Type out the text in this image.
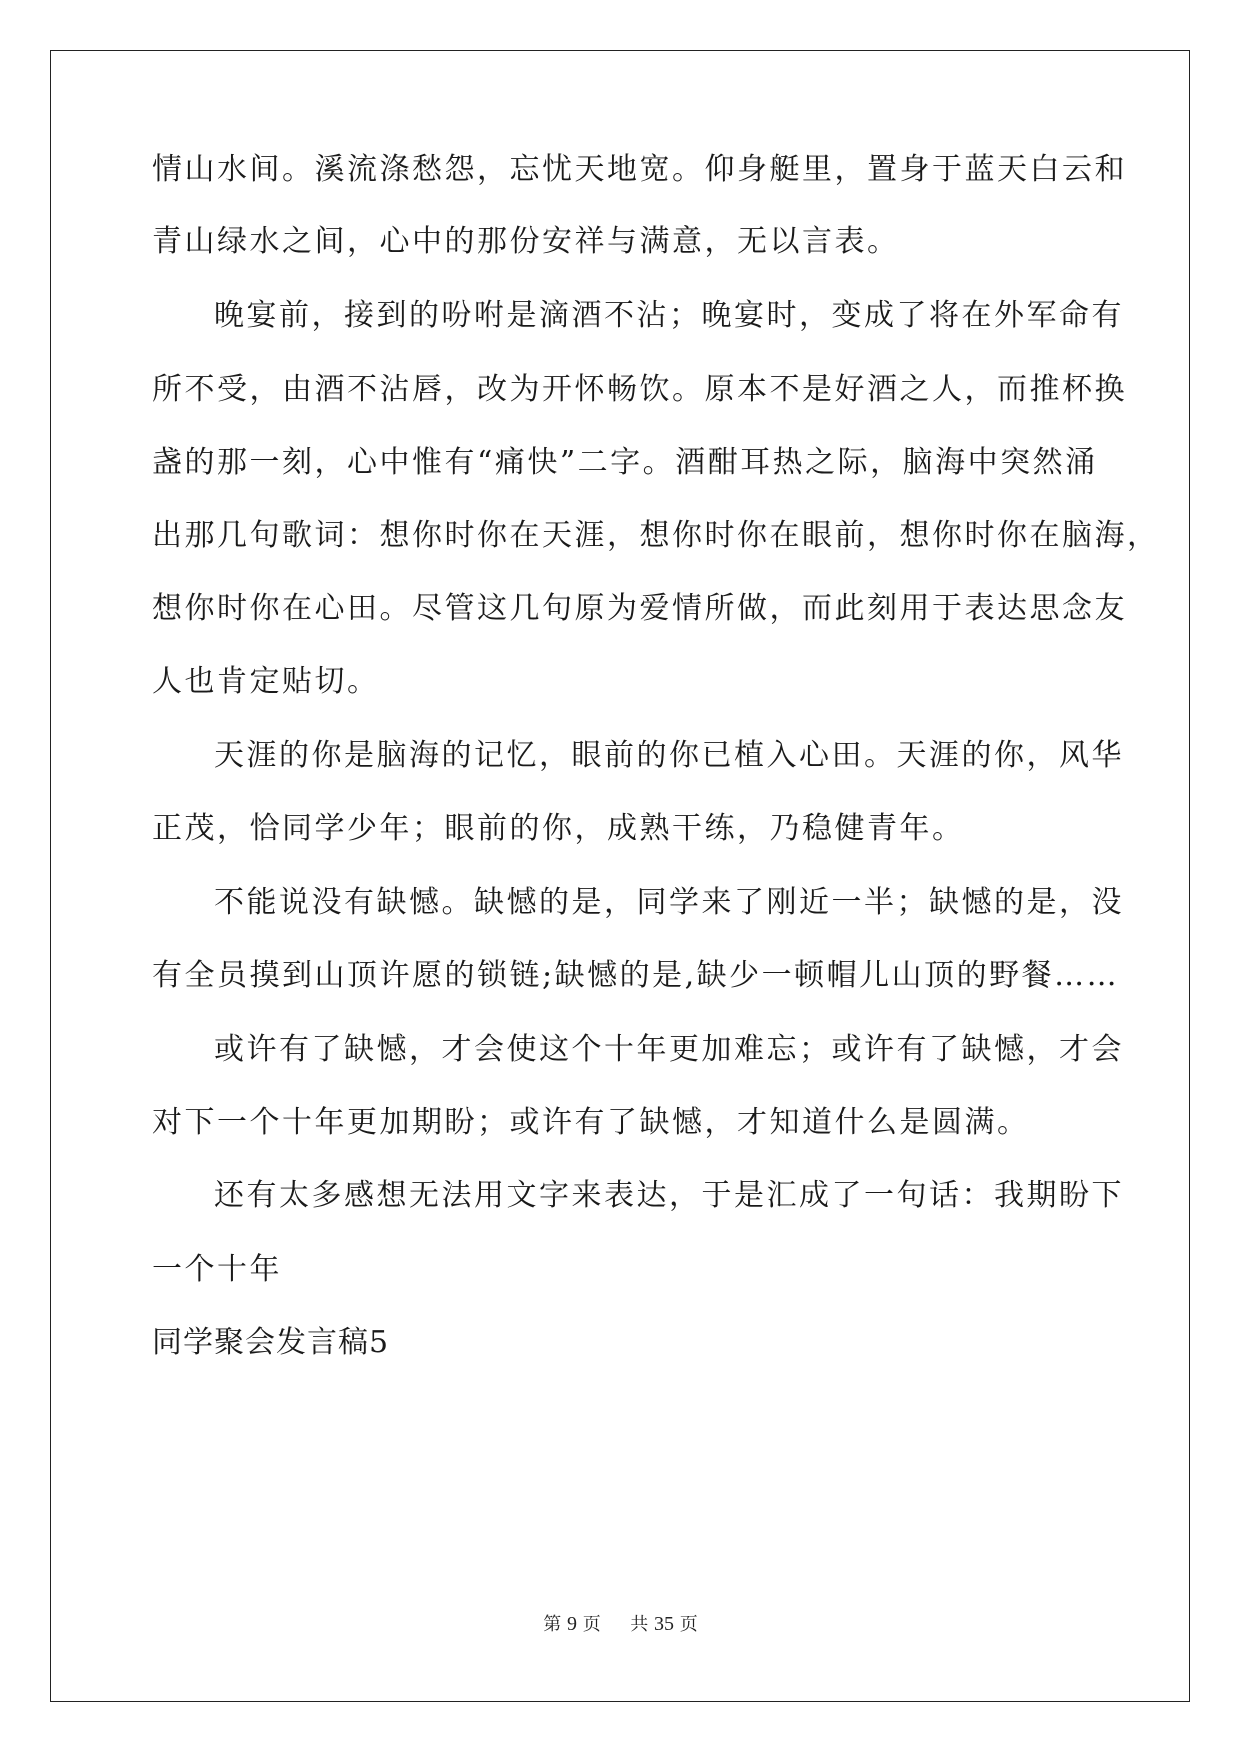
情山水间。溪流涤愁怨，忘忧天地宽。仰身艇里，置身于蓝天白云和
青山绿水之间，心中的那份安祥与满意，无以言表。
晚宴前，接到的吩咐是滴酒不沾；晚宴时，变成了将在外军命有
所不受，由酒不沾唇，改为开怀畅饮。原本不是好酒之人，而推杯换
盏的那一刻，心中惟有“痛快”二字。酒酣耳热之际，脑海中突然涌
出那几句歌词：想你时你在天涯，想你时你在眼前，想你时你在脑海，
想你时你在心田。尽管这几句原为爱情所做，而此刻用于表达思念友
人也肯定贴切。
天涯的你是脑海的记忆，眼前的你已植入心田。天涯的你，风华
正茂，恰同学少年；眼前的你，成熟干练，乃稳健青年。
不能说没有缺憾。缺憾的是，同学来了刚近一半；缺憾的是，没
有全员摸到山顶许愿的锁链;缺憾的是,缺少一顿帽儿山顶的野餐……
或许有了缺憾，才会使这个十年更加难忘；或许有了缺憾，才会
对下一个十年更加期盼；或许有了缺憾，才知道什么是圆满。
还有太多感想无法用文字来表达，于是汇成了一句话：我期盼下
一个十年
同学聚会发言稿5
第 9 页 共 35 页
